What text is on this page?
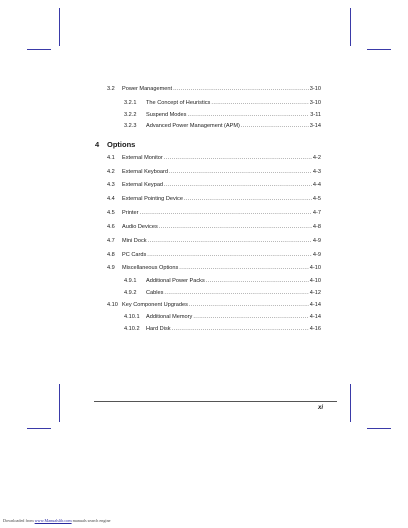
3.2	Power Management .....	3-10
3.2.1	The Concept of Heuristics .....	3-10
3.2.2	Suspend Modes .....	3-11
3.2.3	Advanced Power Management (APM) .....	3-14
4	Options
4.1	External Monitor .....	4-2
4.2	External Keyboard .....	4-3
4.3	External Keypad .....	4-4
4.4	External Pointing Device .....	4-5
4.5	Printer .....	4-7
4.6	Audio Devices .....	4-8
4.7	Mini Dock .....	4-9
4.8	PC Cards .....	4-9
4.9	Miscellaneous Options .....	4-10
4.9.1	Additional Power Packs .....	4-10
4.9.2	Cables .....	4-12
4.10 Key Component Upgrades .....	4-14
4.10.1	Additional Memory .....	4-14
4.10.2	Hard Disk .....	4-16
xi
Downloaded from www.Manualslib.com manuals search engine
